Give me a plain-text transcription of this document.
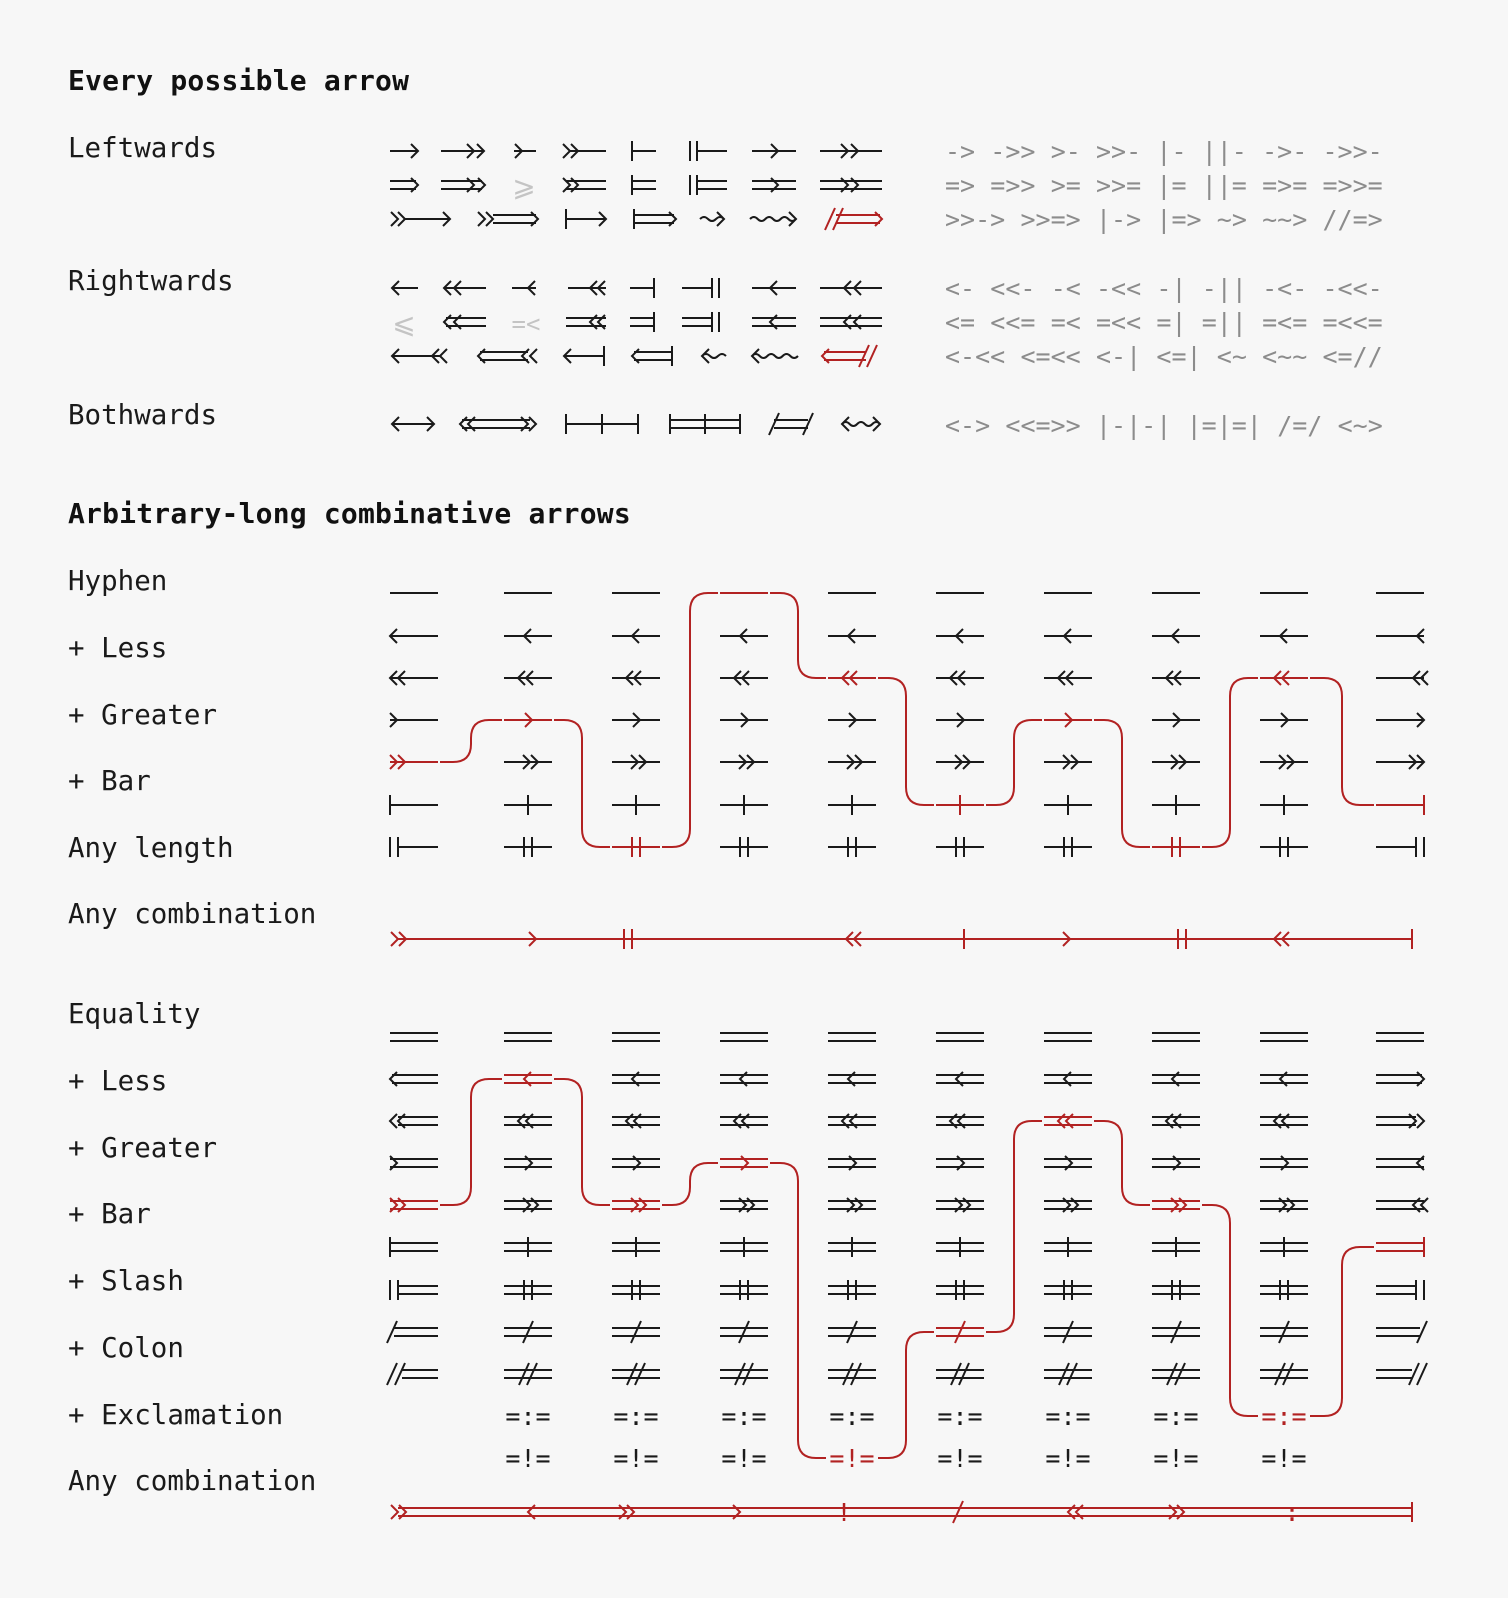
Every possible arrow
Arbitrary-long combinative arrows
Leftwards
Rightwards
Bothwards
Hyphen
+ Less
+ Greater
+ Bar
Any length
Any combination
Equality
+ Less
+ Greater
+ Bar
+ Slash
+ Colon
+ Exclamation
Any combination
⩾
⩽	=<
-> ->> >- >>- |- ||- ->- ->>-
=> =>> >= >>= |= ||= =>= =>>=
>>-> >>=> |-> |=> ~> ~~> //=>
<- <<- -< -<< -| -|| -<- -<<-
<= <<= =< =<< =| =|| =<= =<<=
<-<< <=<< <-| <=| <~ <~~ <=//
<-> <<=>> |-|-| |=|=| /=/ <~>
=:=
=!=
=:=
=!=
=:=
=!=
=:=
=!=
=:=
=!=
=:=
=!=
=:=
=!=
=:=
=!=
!	:
